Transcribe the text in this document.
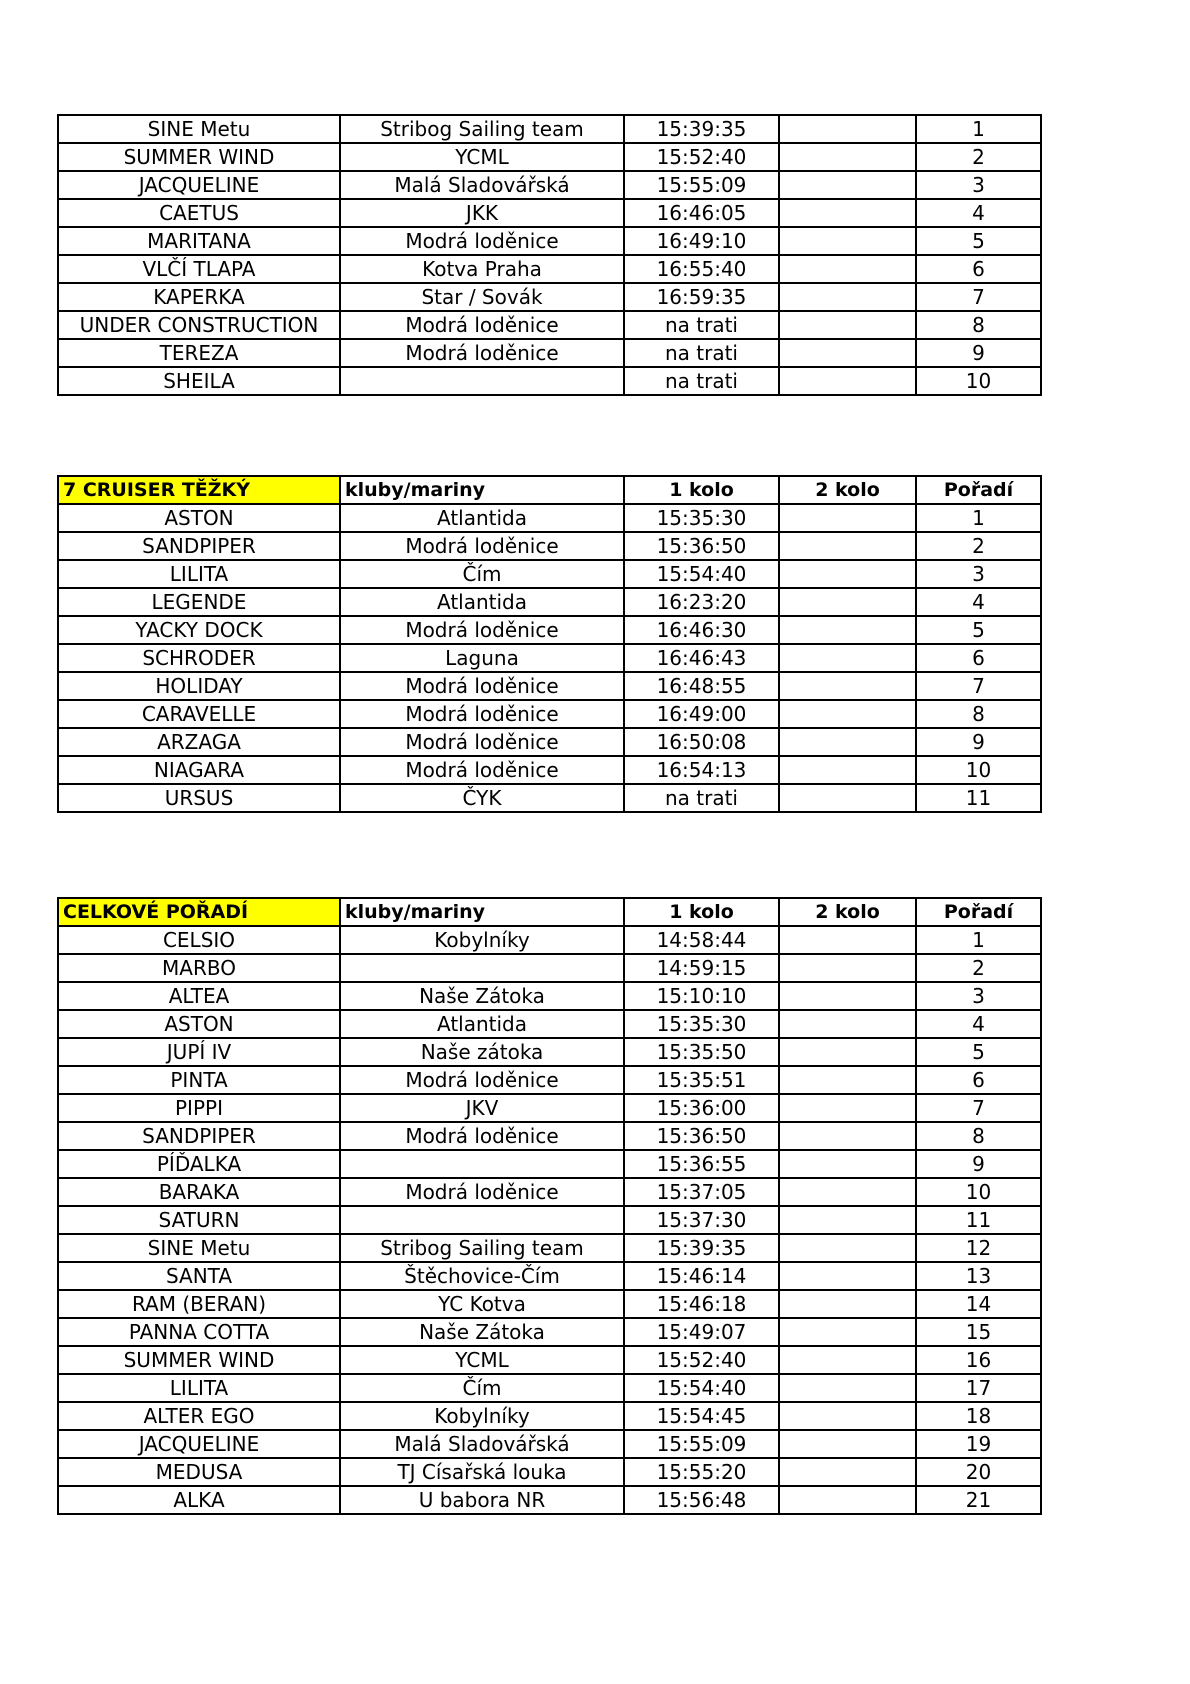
SINE Metu	Stribog Sailing team	15:39:35		1
SUMMER WIND	YCML	15:52:40		2
JACQUELINE	Malá Sladovářská	15:55:09		3
CAETUS	JKK	16:46:05		4
MARITANA	Modrá loděnice	16:49:10		5
VLČÍ TLAPA	Kotva Praha	16:55:40		6
KAPERKA	Star / Sovák	16:59:35		7
UNDER CONSTRUCTION	Modrá loděnice	na trati		8
TEREZA	Modrá loděnice	na trati		9
SHEILA		na trati		10
7 CRUISER TĚŽKÝ	kluby/mariny	1 kolo	2 kolo	Pořadí
ASTON	Atlantida	15:35:30		1
SANDPIPER	Modrá loděnice	15:36:50		2
LILITA	Čím	15:54:40		3
LEGENDE	Atlantida	16:23:20		4
YACKY DOCK	Modrá loděnice	16:46:30		5
SCHRODER	Laguna	16:46:43		6
HOLIDAY	Modrá loděnice	16:48:55		7
CARAVELLE	Modrá loděnice	16:49:00		8
ARZAGA	Modrá loděnice	16:50:08		9
NIAGARA	Modrá loděnice	16:54:13		10
URSUS	ČYK	na trati		11
CELKOVÉ POŘADÍ	kluby/mariny	1 kolo	2 kolo	Pořadí
CELSIO	Kobylníky	14:58:44		1
MARBO		14:59:15		2
ALTEA	Naše Zátoka	15:10:10		3
ASTON	Atlantida	15:35:30		4
JUPÍ IV	Naše zátoka	15:35:50		5
PINTA	Modrá loděnice	15:35:51		6
PIPPI	JKV	15:36:00		7
SANDPIPER	Modrá loděnice	15:36:50		8
PÍĎALKA		15:36:55		9
BARAKA	Modrá loděnice	15:37:05		10
SATURN		15:37:30		11
SINE Metu	Stribog Sailing team	15:39:35		12
SANTA	Štěchovice-Čím	15:46:14		13
RAM (BERAN)	YC Kotva	15:46:18		14
PANNA COTTA	Naše Zátoka	15:49:07		15
SUMMER WIND	YCML	15:52:40		16
LILITA	Čím	15:54:40		17
ALTER EGO	Kobylníky	15:54:45		18
JACQUELINE	Malá Sladovářská	15:55:09		19
MEDUSA	TJ Císařská louka	15:55:20		20
ALKA	U babora NR	15:56:48		21
